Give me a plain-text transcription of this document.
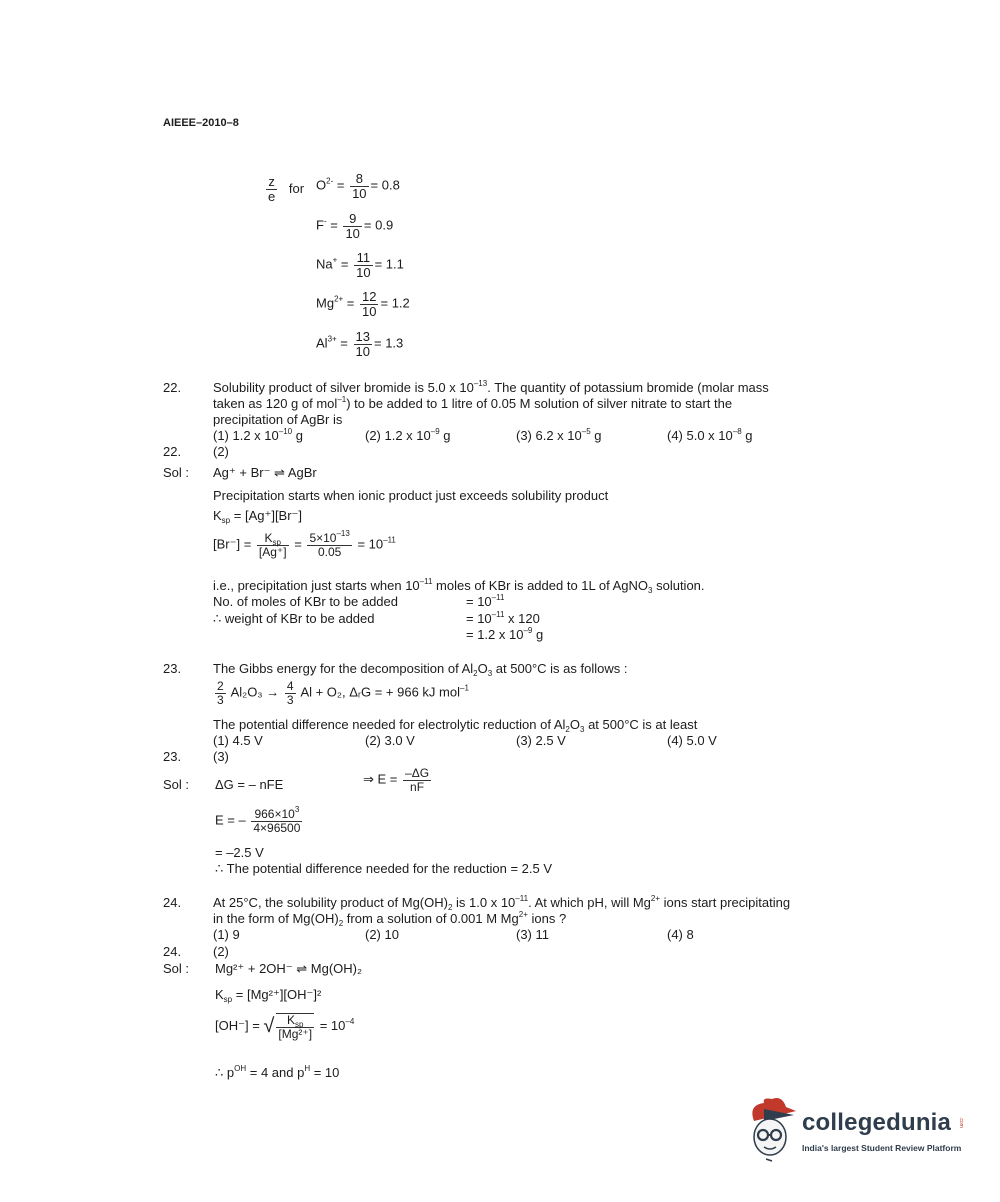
AIEEE–2010–8
$\frac{z}{e}$ for $O^{2-} = \frac{8}{10} = 0.8$
$F^- = \frac{9}{10} = 0.9$
$Na^+ = \frac{11}{10} = 1.1$
$Mg^{2+} = \frac{12}{10} = 1.2$
$Al^{3+} = \frac{13}{10} = 1.3$
22. Solubility product of silver bromide is 5.0 x $10^{-13}$. The quantity of potassium bromide (molar mass
taken as 120 g of mol$^{-1}$) to be added to 1 litre of 0.05 M solution of silver nitrate to start the
precipitation of AgBr is
(1) 1.2 x $10^{-10}$ g	(2) 1.2 x $10^{-9}$ g	(3) 6.2 x $10^{-5}$ g	(4) 5.0 x $10^{-8}$ g
22. (2)
Sol : Ag⁺ + Br⁻ ⇌ AgBr
Precipitation starts when ionic product just exceeds solubility product
$K_{sp} = [Ag^+][Br^-]$
$[Br^-] = \frac{K_{sp}}{[Ag^+]} = \frac{5\times 10^{-13}}{0.05} = 10^{-11}$
i.e., precipitation just starts when $10^{-11}$ moles of KBr is added to 1L of AgNO$_3$ solution.
No. of moles of KBr to be added	= $10^{-11}$
∴ weight of KBr to be added	= $10^{-11}$ x 120
= 1.2 x $10^{-9}$ g
23. The Gibbs energy for the decomposition of $Al_2O_3$ at 500°C is as follows :
$\frac{2}{3} Al_2O_3 \to \frac{4}{3}$ Al + O₂, ΔᵣG = + 966 kJ mol$^{-1}$
The potential difference needed for electrolytic reduction of $Al_2O_3$ at 500°C is at least
(1) 4.5 V	(2) 3.0 V	(3) 2.5 V	(4) 5.0 V
23. (3)
Sol : ΔG = – nFE	⇒ $E = \frac{-\Delta G}{nF}$
E = – $\frac{966\times 10^3}{4\times 96500}$
= –2.5 V
∴ The potential difference needed for the reduction = 2.5 V
24. At 25°C, the solubility product of $Mg(OH)_2$ is 1.0 x $10^{-11}$. At which pH, will $Mg^{2+}$ ions start precipitating
in the form of $Mg(OH)_2$ from a solution of 0.001 M $Mg^{2+}$ ions ?
(1) 9	(2) 10	(3) 11	(4) 8
24. (2)
Sol : Mg²⁺ + 2OH⁻ ⇌ Mg(OH)₂
$K_{sp} = [Mg^{2+}][OH^-]^2$
[OH⁻] = √ $\frac{K_{sp}}{\text{[Mg²⁺]}} = 10^{-4}$
∴ $p^{OH} = 4$ and $p^H = 10$
collegedunia .com
India's largest Student Review Platform
